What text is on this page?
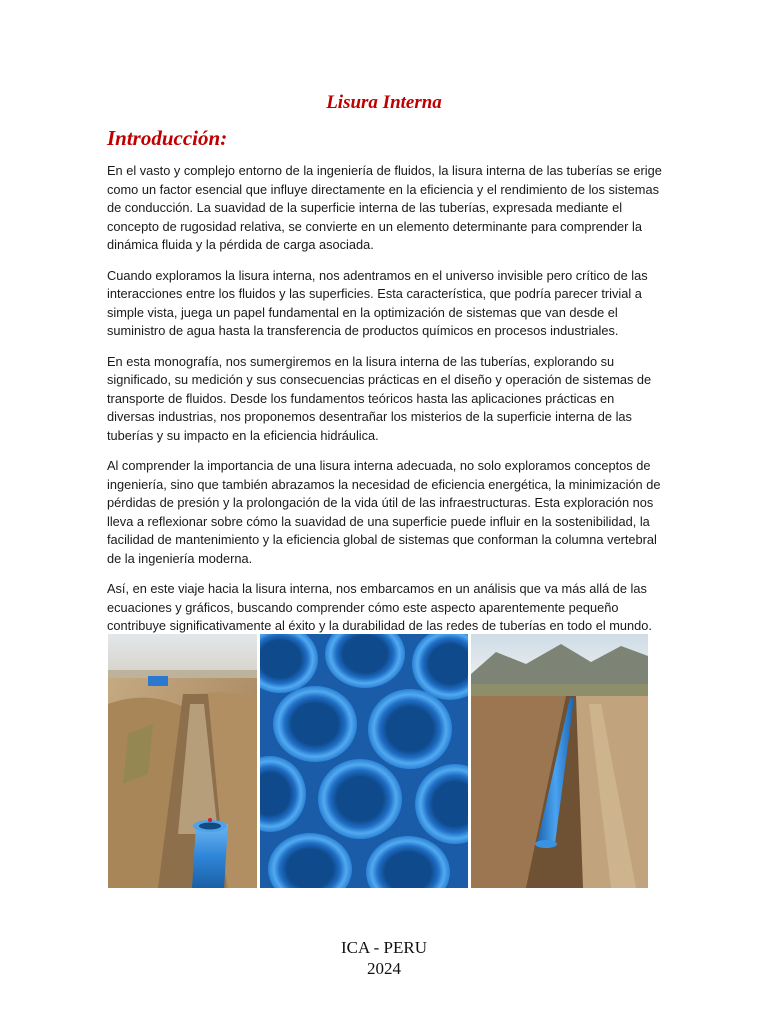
Lisura Interna
Introducción:

En el vasto y complejo entorno de la ingeniería de fluidos, la lisura interna de las tuberías se erige como un factor esencial que influye directamente en la eficiencia y el rendimiento de los sistemas de conducción. La suavidad de la superficie interna de las tuberías, expresada mediante el concepto de rugosidad relativa, se convierte en un elemento determinante para comprender la dinámica fluida y la pérdida de carga asociada.

Cuando exploramos la lisura interna, nos adentramos en el universo invisible pero crítico de las interacciones entre los fluidos y las superficies. Esta característica, que podría parecer trivial a simple vista, juega un papel fundamental en la optimización de sistemas que van desde el suministro de agua hasta la transferencia de productos químicos en procesos industriales.

En esta monografía, nos sumergiremos en la lisura interna de las tuberías, explorando su significado, su medición y sus consecuencias prácticas en el diseño y operación de sistemas de transporte de fluidos. Desde los fundamentos teóricos hasta las aplicaciones prácticas en diversas industrias, nos proponemos desentrañar los misterios de la superficie interna de las tuberías y su impacto en la eficiencia hidráulica.

Al comprender la importancia de una lisura interna adecuada, no solo exploramos conceptos de ingeniería, sino que también abrazamos la necesidad de eficiencia energética, la minimización de pérdidas de presión y la prolongación de la vida útil de las infraestructuras. Esta exploración nos lleva a reflexionar sobre cómo la suavidad de una superficie puede influir en la sostenibilidad, la facilidad de mantenimiento y la eficiencia global de sistemas que conforman la columna vertebral de la ingeniería moderna.

Así, en este viaje hacia la lisura interna, nos embarcamos en un análisis que va más allá de las ecuaciones y gráficos, buscando comprender cómo este aspecto aparentemente pequeño contribuye significativamente al éxito y la durabilidad de las redes de tuberías en todo el mundo.

ICA - PERU
2024
